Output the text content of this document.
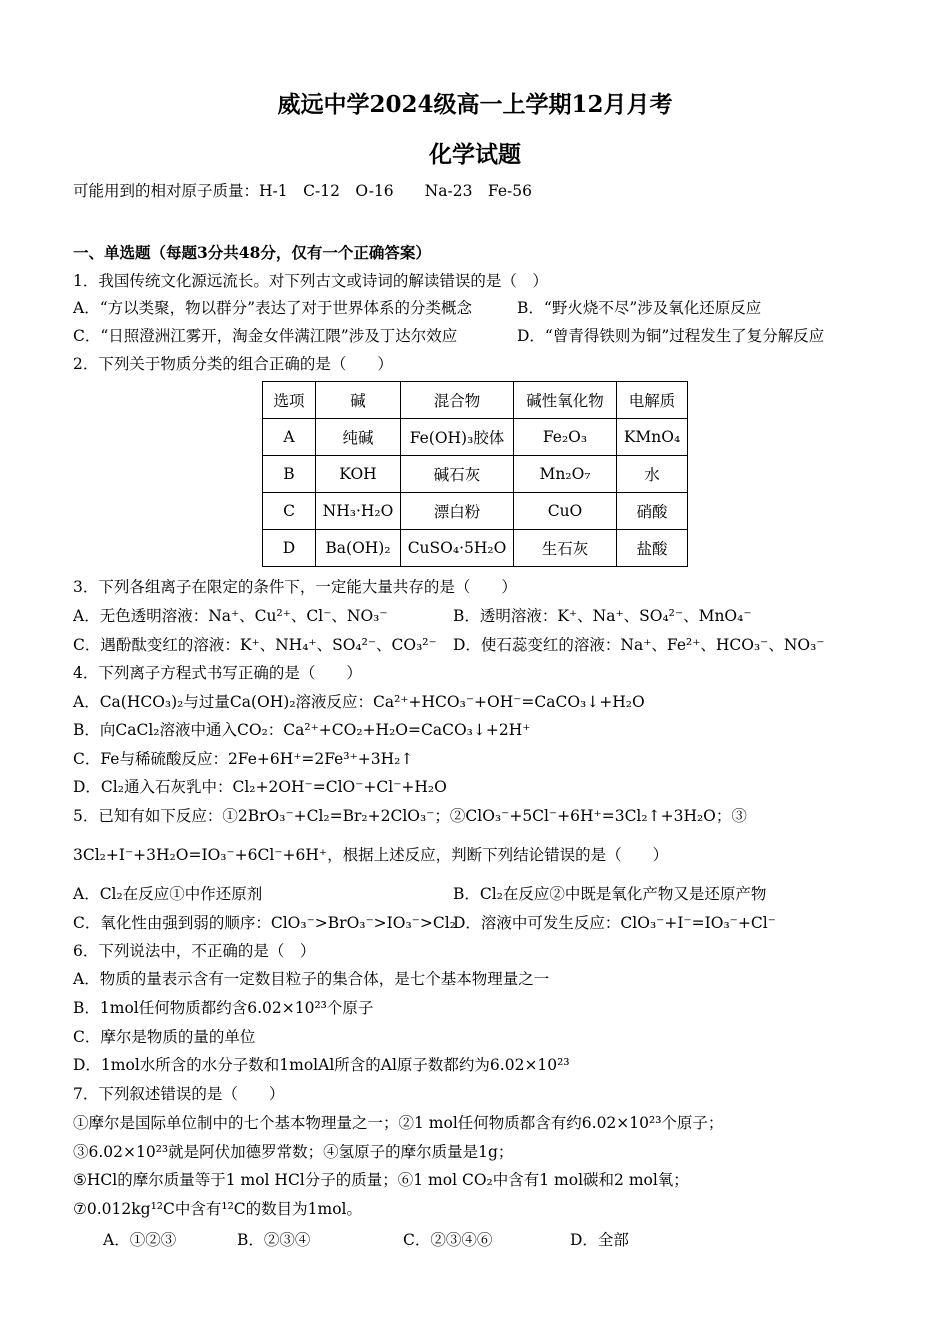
威远中学2024级高一上学期12月月考
化学试题
可能用到的相对原子质量：H-1　C-12　O-16　　Na-23　Fe-56
一、单选题（每题3分共48分，仅有一个正确答案）
1．我国传统文化源远流长。对下列古文或诗词的解读错误的是（　）
A．“方以类聚，物以群分”表达了对于世界体系的分类概念	B．“野火烧不尽”涉及氧化还原反应
C．“日照澄洲江雾开，淘金女伴满江隈”涉及丁达尔效应	D．“曾青得铁则为铜”过程发生了复分解反应
2．下列关于物质分类的组合正确的是（　　）
选项	碱	混合物	碱性氧化物	电解质
A	纯碱	Fe(OH)₃胶体	Fe₂O₃	KMnO₄
B	KOH	碱石灰	Mn₂O₇	水
C	NH₃·H₂O	漂白粉	CuO	硝酸
D	Ba(OH)₂	CuSO₄·5H₂O	生石灰	盐酸
3．下列各组离子在限定的条件下，一定能大量共存的是（　　）
A．无色透明溶液：Na⁺、Cu²⁺、Cl⁻、NO₃⁻	B．透明溶液：K⁺、Na⁺、SO₄²⁻、MnO₄⁻
C．遇酚酞变红的溶液：K⁺、NH₄⁺、SO₄²⁻、CO₃²⁻ D．使石蕊变红的溶液：Na⁺、Fe²⁺、HCO₃⁻、NO₃⁻
4．下列离子方程式书写正确的是（　　）
A．Ca(HCO₃)₂与过量Ca(OH)₂溶液反应：Ca²⁺+HCO₃⁻+OH⁻=CaCO₃↓+H₂O
B．向CaCl₂溶液中通入CO₂：Ca²⁺+CO₂+H₂O=CaCO₃↓+2H⁺
C．Fe与稀硫酸反应：2Fe+6H⁺=2Fe³⁺+3H₂↑
D．Cl₂通入石灰乳中：Cl₂+2OH⁻=ClO⁻+Cl⁻+H₂O
5．已知有如下反应：①2BrO₃⁻+Cl₂=Br₂+2ClO₃⁻；②ClO₃⁻+5Cl⁻+6H⁺=3Cl₂↑+3H₂O；③
3Cl₂+I⁻+3H₂O=IO₃⁻+6Cl⁻+6H⁺，根据上述反应，判断下列结论错误的是（　　）
A．Cl₂在反应①中作还原剂	B．Cl₂在反应②中既是氧化产物又是还原产物
C．氧化性由强到弱的顺序：ClO₃⁻>BrO₃⁻>IO₃⁻>Cl₂
D．溶液中可发生反应：ClO₃⁻+I⁻=IO₃⁻+Cl⁻
6．下列说法中，不正确的是（　）
A．物质的量表示含有一定数目粒子的集合体，是七个基本物理量之一
B．1mol任何物质都约含6.02×10²³个原子
C．摩尔是物质的量的单位
D．1mol水所含的水分子数和1molAl所含的Al原子数都约为6.02×10²³
7．下列叙述错误的是（　　）
①摩尔是国际单位制中的七个基本物理量之一；②1 mol任何物质都含有约6.02×10²³个原子；
③6.02×10²³就是阿伏加德罗常数；④氢原子的摩尔质量是1g；
⑤HCl的摩尔质量等于1 mol HCl分子的质量；⑥1 mol CO₂中含有1 mol碳和2 mol氧；
⑦0.012kg¹²C中含有¹²C的数目为1mol。
A．①②③	B．②③④	C．②③④⑥	D．全部
